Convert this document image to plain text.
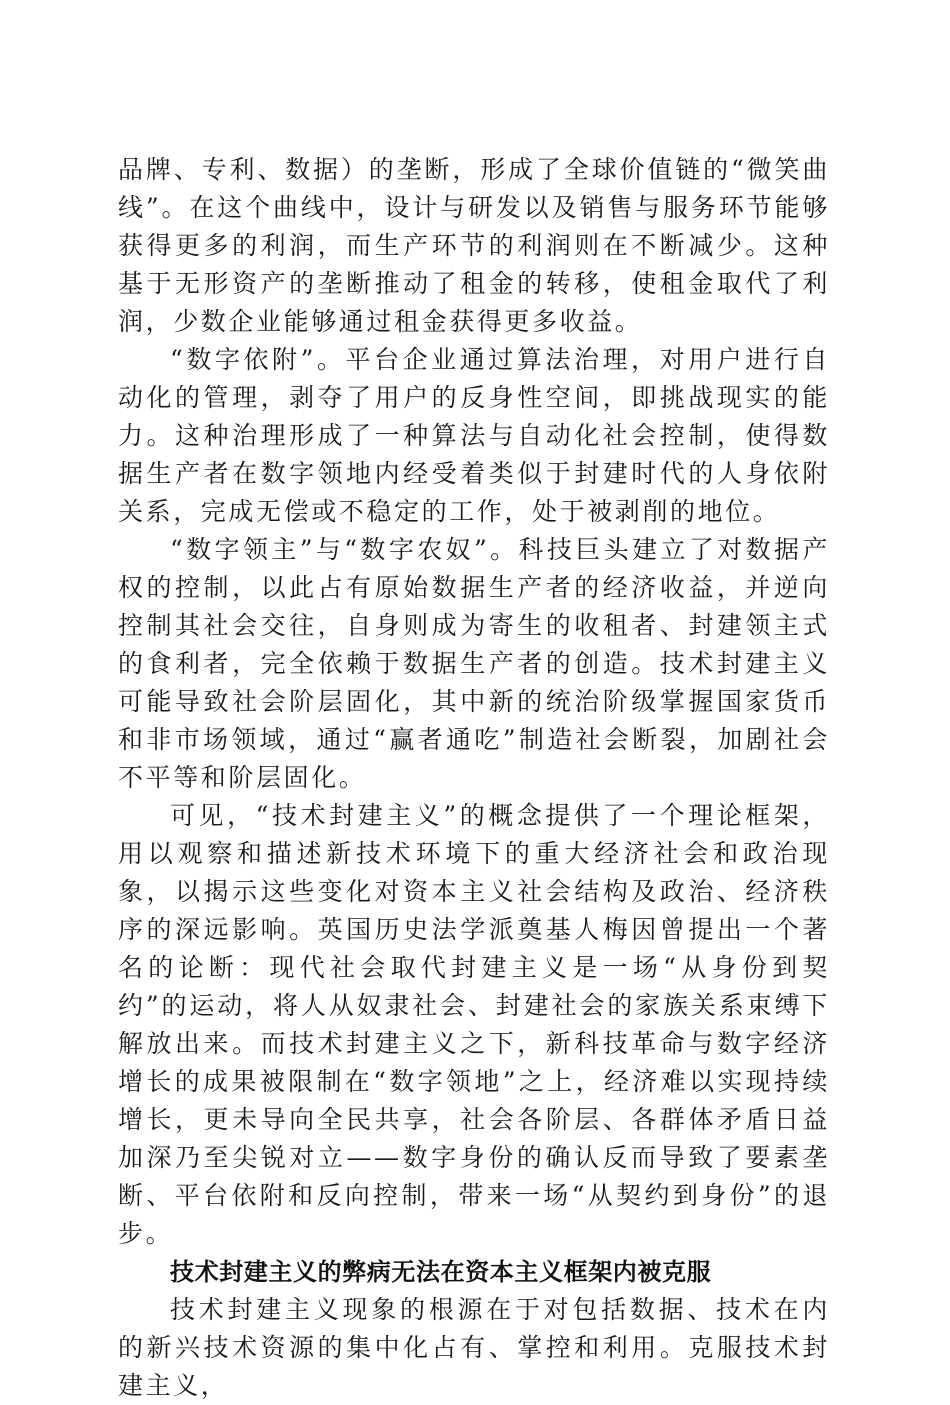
品牌、专利、数据）的垄断，形成了全球价值链的“微笑曲线”。在这个曲线中，设计与研发以及销售与服务环节能够获得更多的利润，而生产环节的利润则在不断减少。这种基于无形资产的垄断推动了租金的转移，使租金取代了利润，少数企业能够通过租金获得更多收益。

“数字依附”。平台企业通过算法治理，对用户进行自动化的管理，剥夺了用户的反身性空间，即挑战现实的能力。这种治理形成了一种算法与自动化社会控制，使得数据生产者在数字领地内经受着类似于封建时代的人身依附关系，完成无偿或不稳定的工作，处于被剥削的地位。

“数字领主”与“数字农奴”。科技巨头建立了对数据产权的控制，以此占有原始数据生产者的经济收益，并逆向控制其社会交往，自身则成为寄生的收租者、封建领主式的食利者，完全依赖于数据生产者的创造。技术封建主义可能导致社会阶层固化，其中新的统治阶级掌握国家货币和非市场领域，通过“赢者通吃”制造社会断裂，加剧社会不平等和阶层固化。

可见，“技术封建主义”的概念提供了一个理论框架，用以观察和描述新技术环境下的重大经济社会和政治现象，以揭示这些变化对资本主义社会结构及政治、经济秩序的深远影响。英国历史法学派奠基人梅因曾提出一个著名的论断：现代社会取代封建主义是一场“从身份到契约”的运动，将人从奴隶社会、封建社会的家族关系束缚下解放出来。而技术封建主义之下，新科技革命与数字经济增长的成果被限制在“数字领地”之上，经济难以实现持续增长，更未导向全民共享，社会各阶层、各群体矛盾日益加深乃至尖锐对立——数字身份的确认反而导致了要素垄断、平台依附和反向控制，带来一场“从契约到身份”的退步。

技术封建主义的弊病无法在资本主义框架内被克服

技术封建主义现象的根源在于对包括数据、技术在内的新兴技术资源的集中化占有、掌控和利用。克服技术封建主义，
